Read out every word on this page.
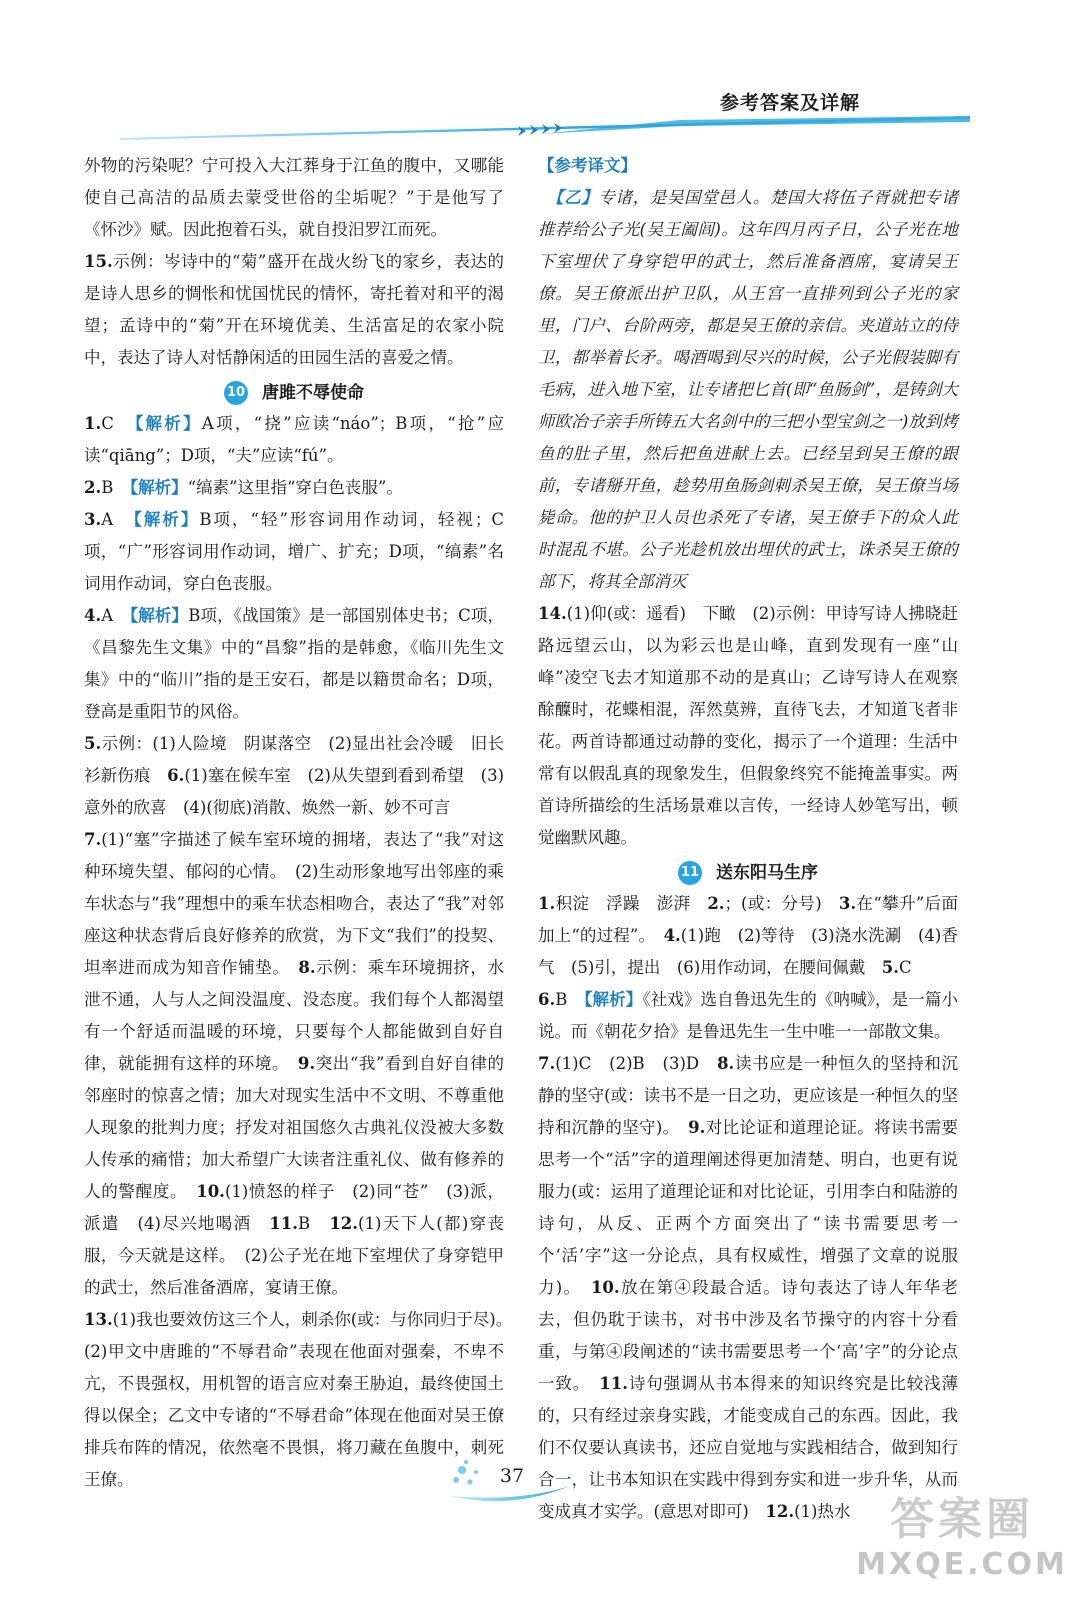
参考答案及详解

外物的污染呢？宁可投入大江葬身于江鱼的腹中，又哪能使自己高洁的品质去蒙受世俗的尘垢呢？”于是他写了《怀沙》赋。因此抱着石头，就自投汨罗江而死。

15.示例：岑诗中的“菊”盛开在战火纷飞的家乡，表达的是诗人思乡的惆怅和忧国忧民的情怀，寄托着对和平的渴望；孟诗中的“菊”开在环境优美、生活富足的农家小院中，表达了诗人对恬静闲适的田园生活的喜爱之情。

10 唐雎不辱使命

1.C　 【解析】A项，“挠”应读“náo”；B项，“抢”应读“qiāng”；D项，“夫”应读“fú”。

2.B　 【解析】“缟素”这里指“穿白色丧服”。

3.A　 【解析】B项，“轻”形容词用作动词，轻视；C项，“广”形容词用作动词，增广、扩充；D项，“缟素”名词用作动词，穿白色丧服。

4.A　 【解析】B项，《战国策》是一部国别体史书；C项，《昌黎先生文集》中的“昌黎”指的是韩愈，《临川先生文集》中的“临川”指的是王安石，都是以籍贯命名；D项，登高是重阳节的风俗。

5.示例：(1)人险境　阴谋落空　(2)显出社会冷暖　旧长衫新伤痕　 6.(1)塞在候车室　(2)从失望到看到希望　(3)意外的欣喜　(4)(彻底)消散、焕然一新、妙不可言

7.(1)“塞”字描述了候车室环境的拥堵，表达了“我”对这种环境失望、郁闷的心情。　(2)生动形象地写出邻座的乘车状态与“我”理想中的乘车状态相吻合，表达了“我”对邻座这种状态背后良好修养的欣赏，为下文“我们”的投契、坦率进而成为知音作铺垫。　 8.示例：乘车环境拥挤，水泄不通，人与人之间没温度、没态度。我们每个人都渴望有一个舒适而温暖的环境，只要每个人都能做到自好自律，就能拥有这样的环境。　 9.突出“我”看到自好自律的邻座时的惊喜之情；加大对现实生活中不文明、不尊重他人现象的批判力度；抒发对祖国悠久古典礼仪没被大多数人传承的痛惜；加大希望广大读者注重礼仪、做有修养的人的警醒度。　 10.(1)愤怒的样子　(2)同“苍”　(3)派，派遣　(4)尽兴地喝酒　 11.B　 12.(1)天下人(都)穿丧服，今天就是这样。　(2)公子光在地下室埋伏了身穿铠甲的武士，然后准备酒席，宴请王僚。

13.(1)我也要效仿这三个人，刺杀你(或：与你同归于尽)。　(2)甲文中唐雎的“不辱君命”表现在他面对强秦，不卑不亢，不畏强权，用机智的语言应对秦王胁迫，最终使国土得以保全；乙文中专诸的“不辱君命”体现在他面对吴王僚排兵布阵的情况，依然毫不畏惧，将刀藏在鱼腹中，刺死王僚。

【参考译文】

　【乙】专诸，是吴国堂邑人。楚国大将伍子胥就把专诸推荐给公子光(吴王阖闾)。这年四月丙子日，公子光在地下室埋伏了身穿铠甲的武士，然后准备酒席，宴请吴王僚。吴王僚派出护卫队，从王宫一直排列到公子光的家里，门户、台阶两旁，都是吴王僚的亲信。夹道站立的侍卫，都举着长矛。喝酒喝到尽兴的时候，公子光假装脚有毛病，进入地下室，让专诸把匕首(即“鱼肠剑”，是铸剑大师欧冶子亲手所铸五大名剑中的三把小型宝剑之一)放到烤鱼的肚子里，然后把鱼进献上去。已经呈到吴王僚的跟前，专诸掰开鱼，趁势用鱼肠剑刺杀吴王僚，吴王僚当场毙命。他的护卫人员也杀死了专诸，吴王僚手下的众人此时混乱不堪。公子光趁机放出埋伏的武士，诛杀吴王僚的部下，将其全部消灭

14.(1)仰(或：遥看)　下瞰　(2)示例：甲诗写诗人拂晓赶路远望云山，以为彩云也是山峰，直到发现有一座“山峰”凌空飞去才知道那不动的是真山；乙诗写诗人在观察酴醾时，花蝶相混，浑然莫辨，直待飞去，才知道飞者非花。两首诗都通过动静的变化，揭示了一个道理：生活中常有以假乱真的现象发生，但假象终究不能掩盖事实。两首诗所描绘的生活场景难以言传，一经诗人妙笔写出，顿觉幽默风趣。

11 送东阳马生序

1.积淀　浮躁　澎湃　 2.；(或：分号)　 3.在“攀升”后面加上“的过程”。　 4.(1)跑　(2)等待　(3)浇水洗涮　(4)香气　(5)引，提出　(6)用作动词，在腰间佩戴　 5.C

6.B　 【解析】《社戏》选自鲁迅先生的《呐喊》，是一篇小说。而《朝花夕拾》是鲁迅先生一生中唯一一部散文集。

7.(1)C　(2)B　(3)D　 8.读书应是一种恒久的坚持和沉静的坚守(或：读书不是一日之功，更应该是一种恒久的坚持和沉静的坚守)。　 9.对比论证和道理论证。将读书需要思考一个“活”字的道理阐述得更加清楚、明白，也更有说服力(或：运用了道理论证和对比论证，引用李白和陆游的诗句，从反、正两个方面突出了“读书需要思考一个‘活’字”这一分论点，具有权威性，增强了文章的说服力)。　 10.放在第④段最合适。诗句表达了诗人年华老去，但仍耽于读书，对书中涉及名节操守的内容十分看重，与第④段阐述的“读书需要思考一个‘高’字”的分论点一致。　 11.诗句强调从书本得来的知识终究是比较浅薄的，只有经过亲身实践，才能变成自己的东西。因此，我们不仅要认真读书，还应自觉地与实践相结合，做到知行合一，让书本知识在实践中得到夯实和进一步升华，从而变成真才实学。(意思对即可)　 12.(1)热水

37
答案圈
MXQE.COM
